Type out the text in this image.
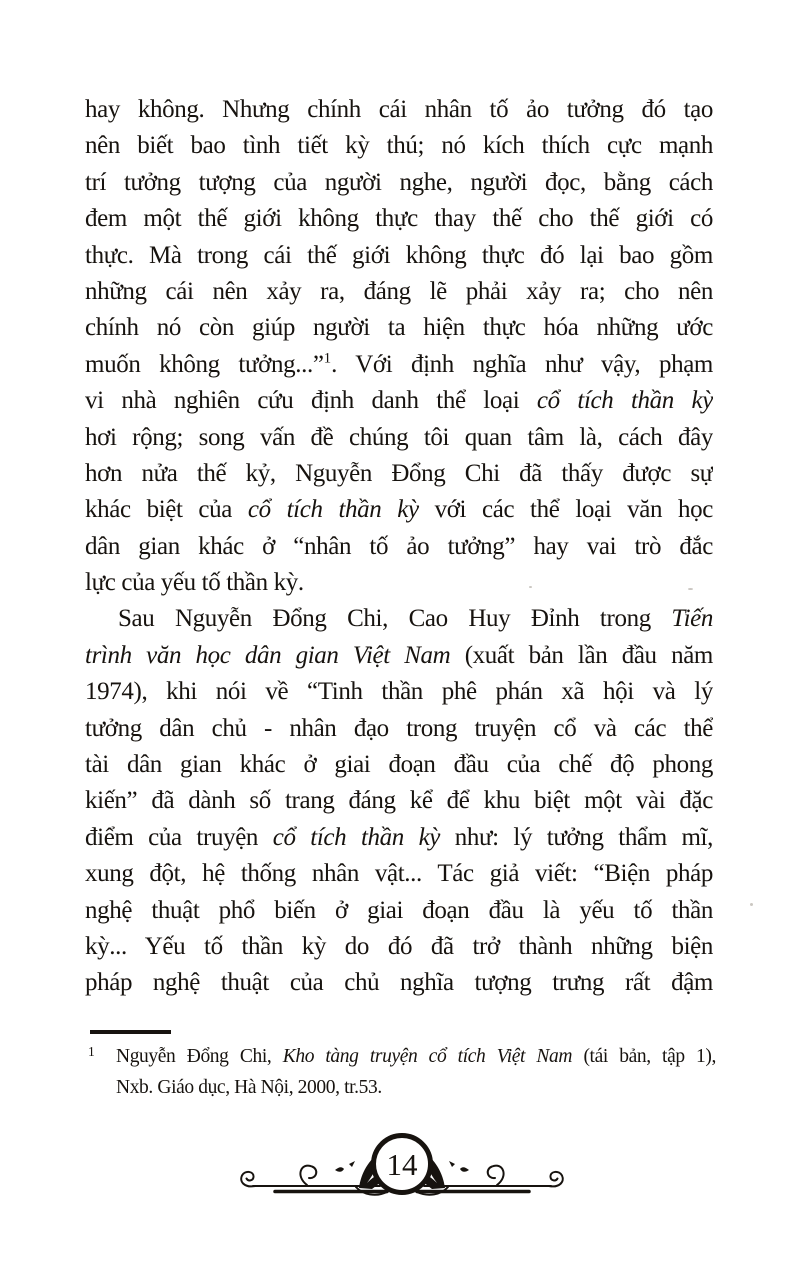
hay không. Nhưng chính cái nhân tố ảo tưởng đó tạo
nên biết bao tình tiết kỳ thú; nó kích thích cực mạnh
trí tưởng tượng của người nghe, người đọc, bằng cách
đem một thế giới không thực thay thế cho thế giới có
thực. Mà trong cái thế giới không thực đó lại bao gồm
những cái nên xảy ra, đáng lẽ phải xảy ra; cho nên
chính nó còn giúp người ta hiện thực hóa những ước
muốn không tưởng...”$^1$. Với định nghĩa như vậy, phạm
vi nhà nghiên cứu định danh thể loại cổ tích thần kỳ
hơi rộng; song vấn đề chúng tôi quan tâm là, cách đây
hơn nửa thế kỷ, Nguyễn Đổng Chi đã thấy được sự
khác biệt của cổ tích thần kỳ với các thể loại văn học
dân gian khác ở “nhân tố ảo tưởng” hay vai trò đắc
lực của yếu tố thần kỳ.
Sau Nguyễn Đổng Chi, Cao Huy Đỉnh trong Tiến
trình văn học dân gian Việt Nam (xuất bản lần đầu năm
1974), khi nói về “Tinh thần phê phán xã hội và lý
tưởng dân chủ - nhân đạo trong truyện cổ và các thể
tài dân gian khác ở giai đoạn đầu của chế độ phong
kiến” đã dành số trang đáng kể để khu biệt một vài đặc
điểm của truyện cổ tích thần kỳ như: lý tưởng thẩm mĩ,
xung đột, hệ thống nhân vật... Tác giả viết: “Biện pháp
nghệ thuật phổ biến ở giai đoạn đầu là yếu tố thần
kỳ... Yếu tố thần kỳ do đó đã trở thành những biện
pháp nghệ thuật của chủ nghĩa tượng trưng rất đậm
1	Nguyễn Đổng Chi, Kho tàng truyện cổ tích Việt Nam (tái bản, tập 1),
Nxb. Giáo dục, Hà Nội, 2000, tr.53.
14
